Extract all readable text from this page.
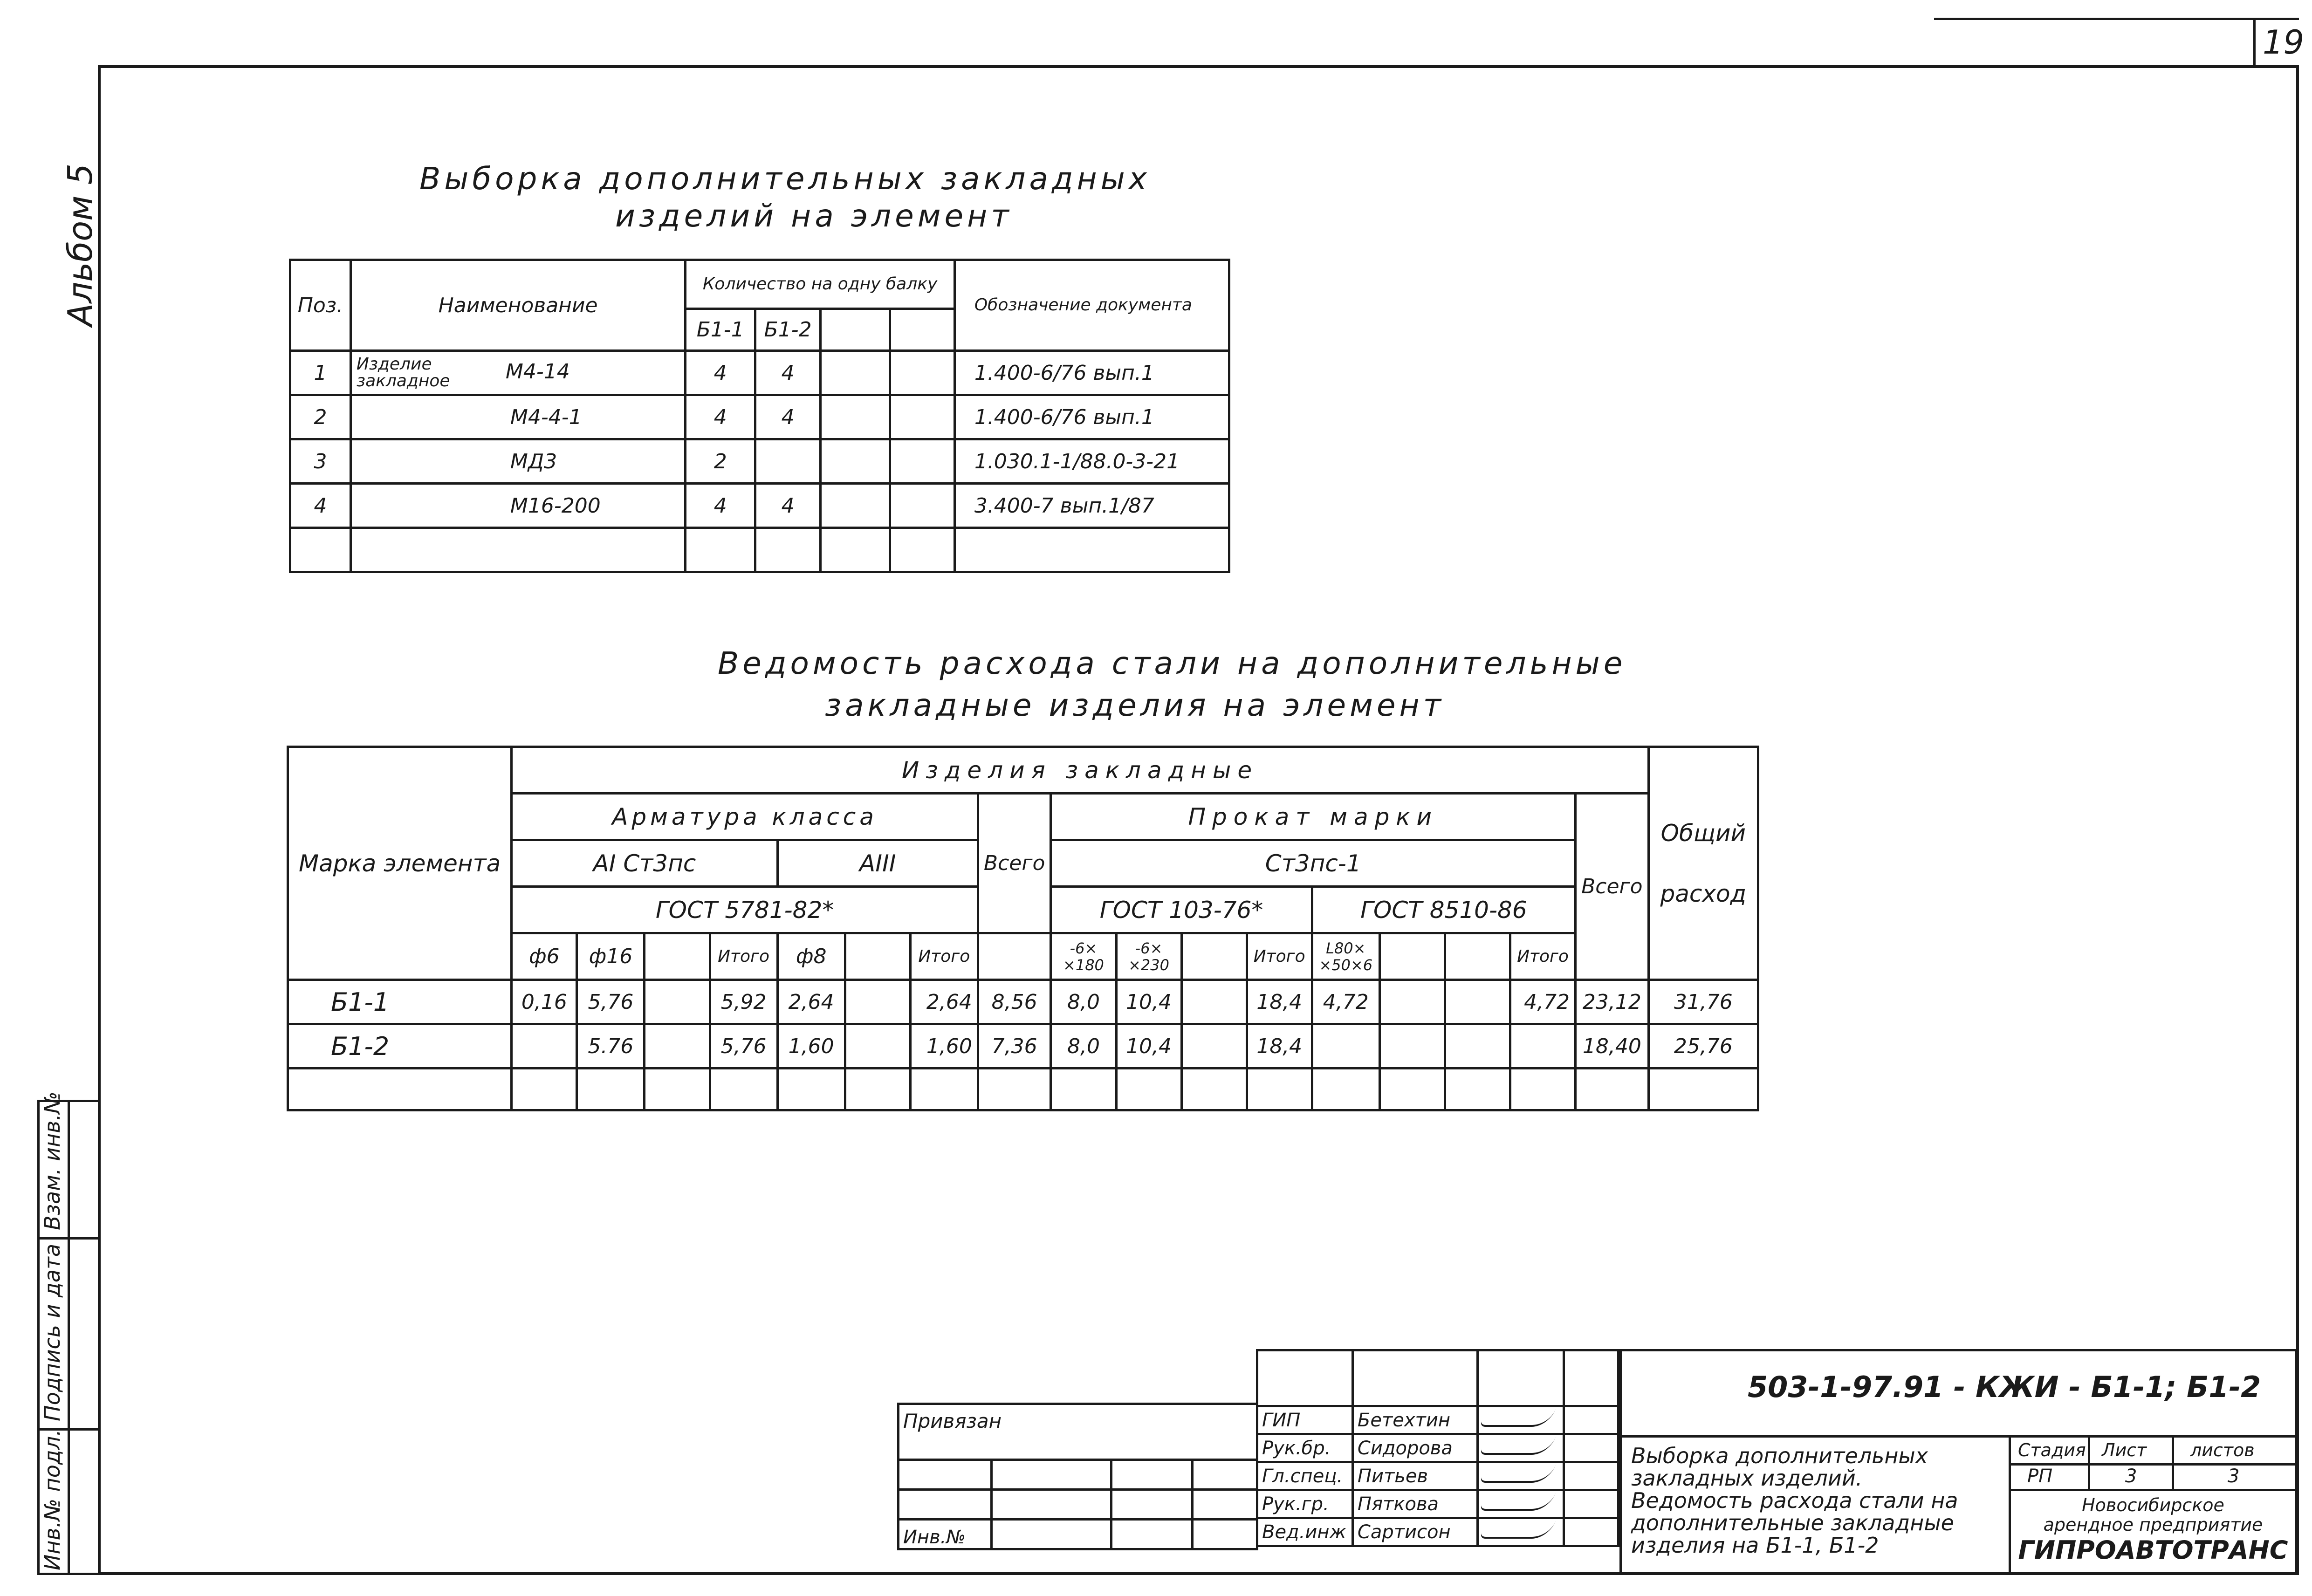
19
Альбом 5
Инв.№ подл.
Подпись и дата
Взам. инв.№
Выборка дополнительных закладных
изделий на элемент
Поз.	Наименование	Количество на одну балку				Обозначение документа
		Б1-1	Б1-2			
1	Изделие закладное М4-14	4	4			1.400-6/76 вып.1
2	М4-4-1	4	4			1.400-6/76 вып.1
3	МД3	2				1.030.1-1/88.0-3-21
4	М16-200	4	4			3.400-7 вып.1/87

Ведомость расхода стали на дополнительные
закладные изделия на элемент
Марка элемента	Изделия закладные																	Общий расход
	Арматура класса							Всего	Прокат марки								Всего	
	АI Ст3пс				АIII				Ст3пс-1									
	ГОСТ 5781-82*								ГОСТ 103-76*				ГОСТ 8510-86					
	ф6	ф16		Итого	ф8		Итого		-6× ×180	-6× ×230		Итого	L80× ×50×6			Итого		
Б1-1	0,16	5,76		5,92	2,64		2,64	8,56	8,0	10,4		18,4	4,72			4,72	23,12	31,76
Б1-2		5.76		5,76	1,60		1,60	7,36	8,0	10,4		18,4					18,40	25,76

Привязан			

Инв.№			

ГИП	Бетехтин		
Рук.бр.	Сидорова		
Гл.спец.	Питьев		
Рук.гр.	Пяткова		
Вед.инж	Сартисон		
503-1-97.91 - КЖИ - Б1-1; Б1-2
Выборка дополнительных
закладных изделий.
Ведомость расхода стали на
дополнительные закладные
изделия на Б1-1, Б1-2
Стадия Лист листов
РП	3	3
Новосибирское
арендное предприятие
ГИПРОАВТОТРАНС
